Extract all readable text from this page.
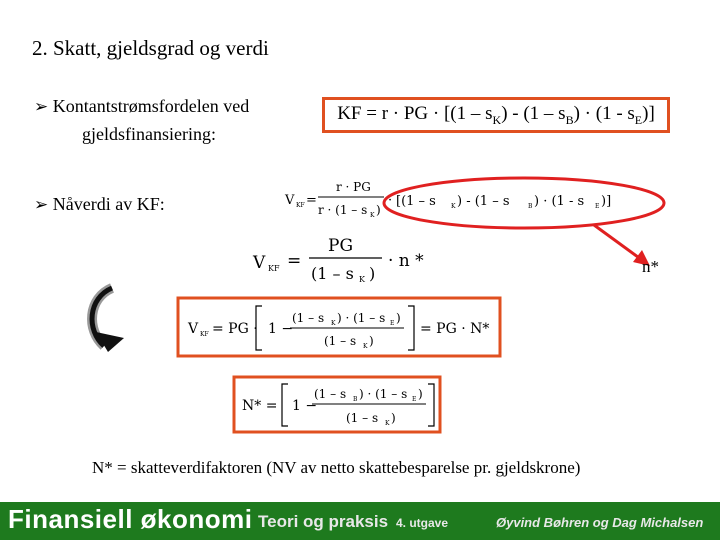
2. Skatt, gjeldsgrad og verdi
➢ Kontantstrømsfordelen ved
gjeldsfinansiering:
KF = r · PG · $[(1 - s_K) - (1 - s_B) \cdot (1 - s_E)]$
➢ Nåverdi av KF:	V KF =
r · PG
r · (1 – s K )
· [(1 – s	K ) - (1 – s	B ) · (1 - s E )]
V KF =
PG
(1 – s K )
· n *
V KF = PG · 1 −
(1 – s K ) · (1 – s E )
(1 – s K )
= PG · N*
N* = 1 −
(1 – s B ) · (1 – s E )
(1 – s K )
n*
N* = skatteverdifaktoren (NV av netto skattebesparelse pr. gjeldskrone)
Finansiell økonomi Teori og praksis 4. utgave	Øyvind Bøhren og Dag Michalsen
